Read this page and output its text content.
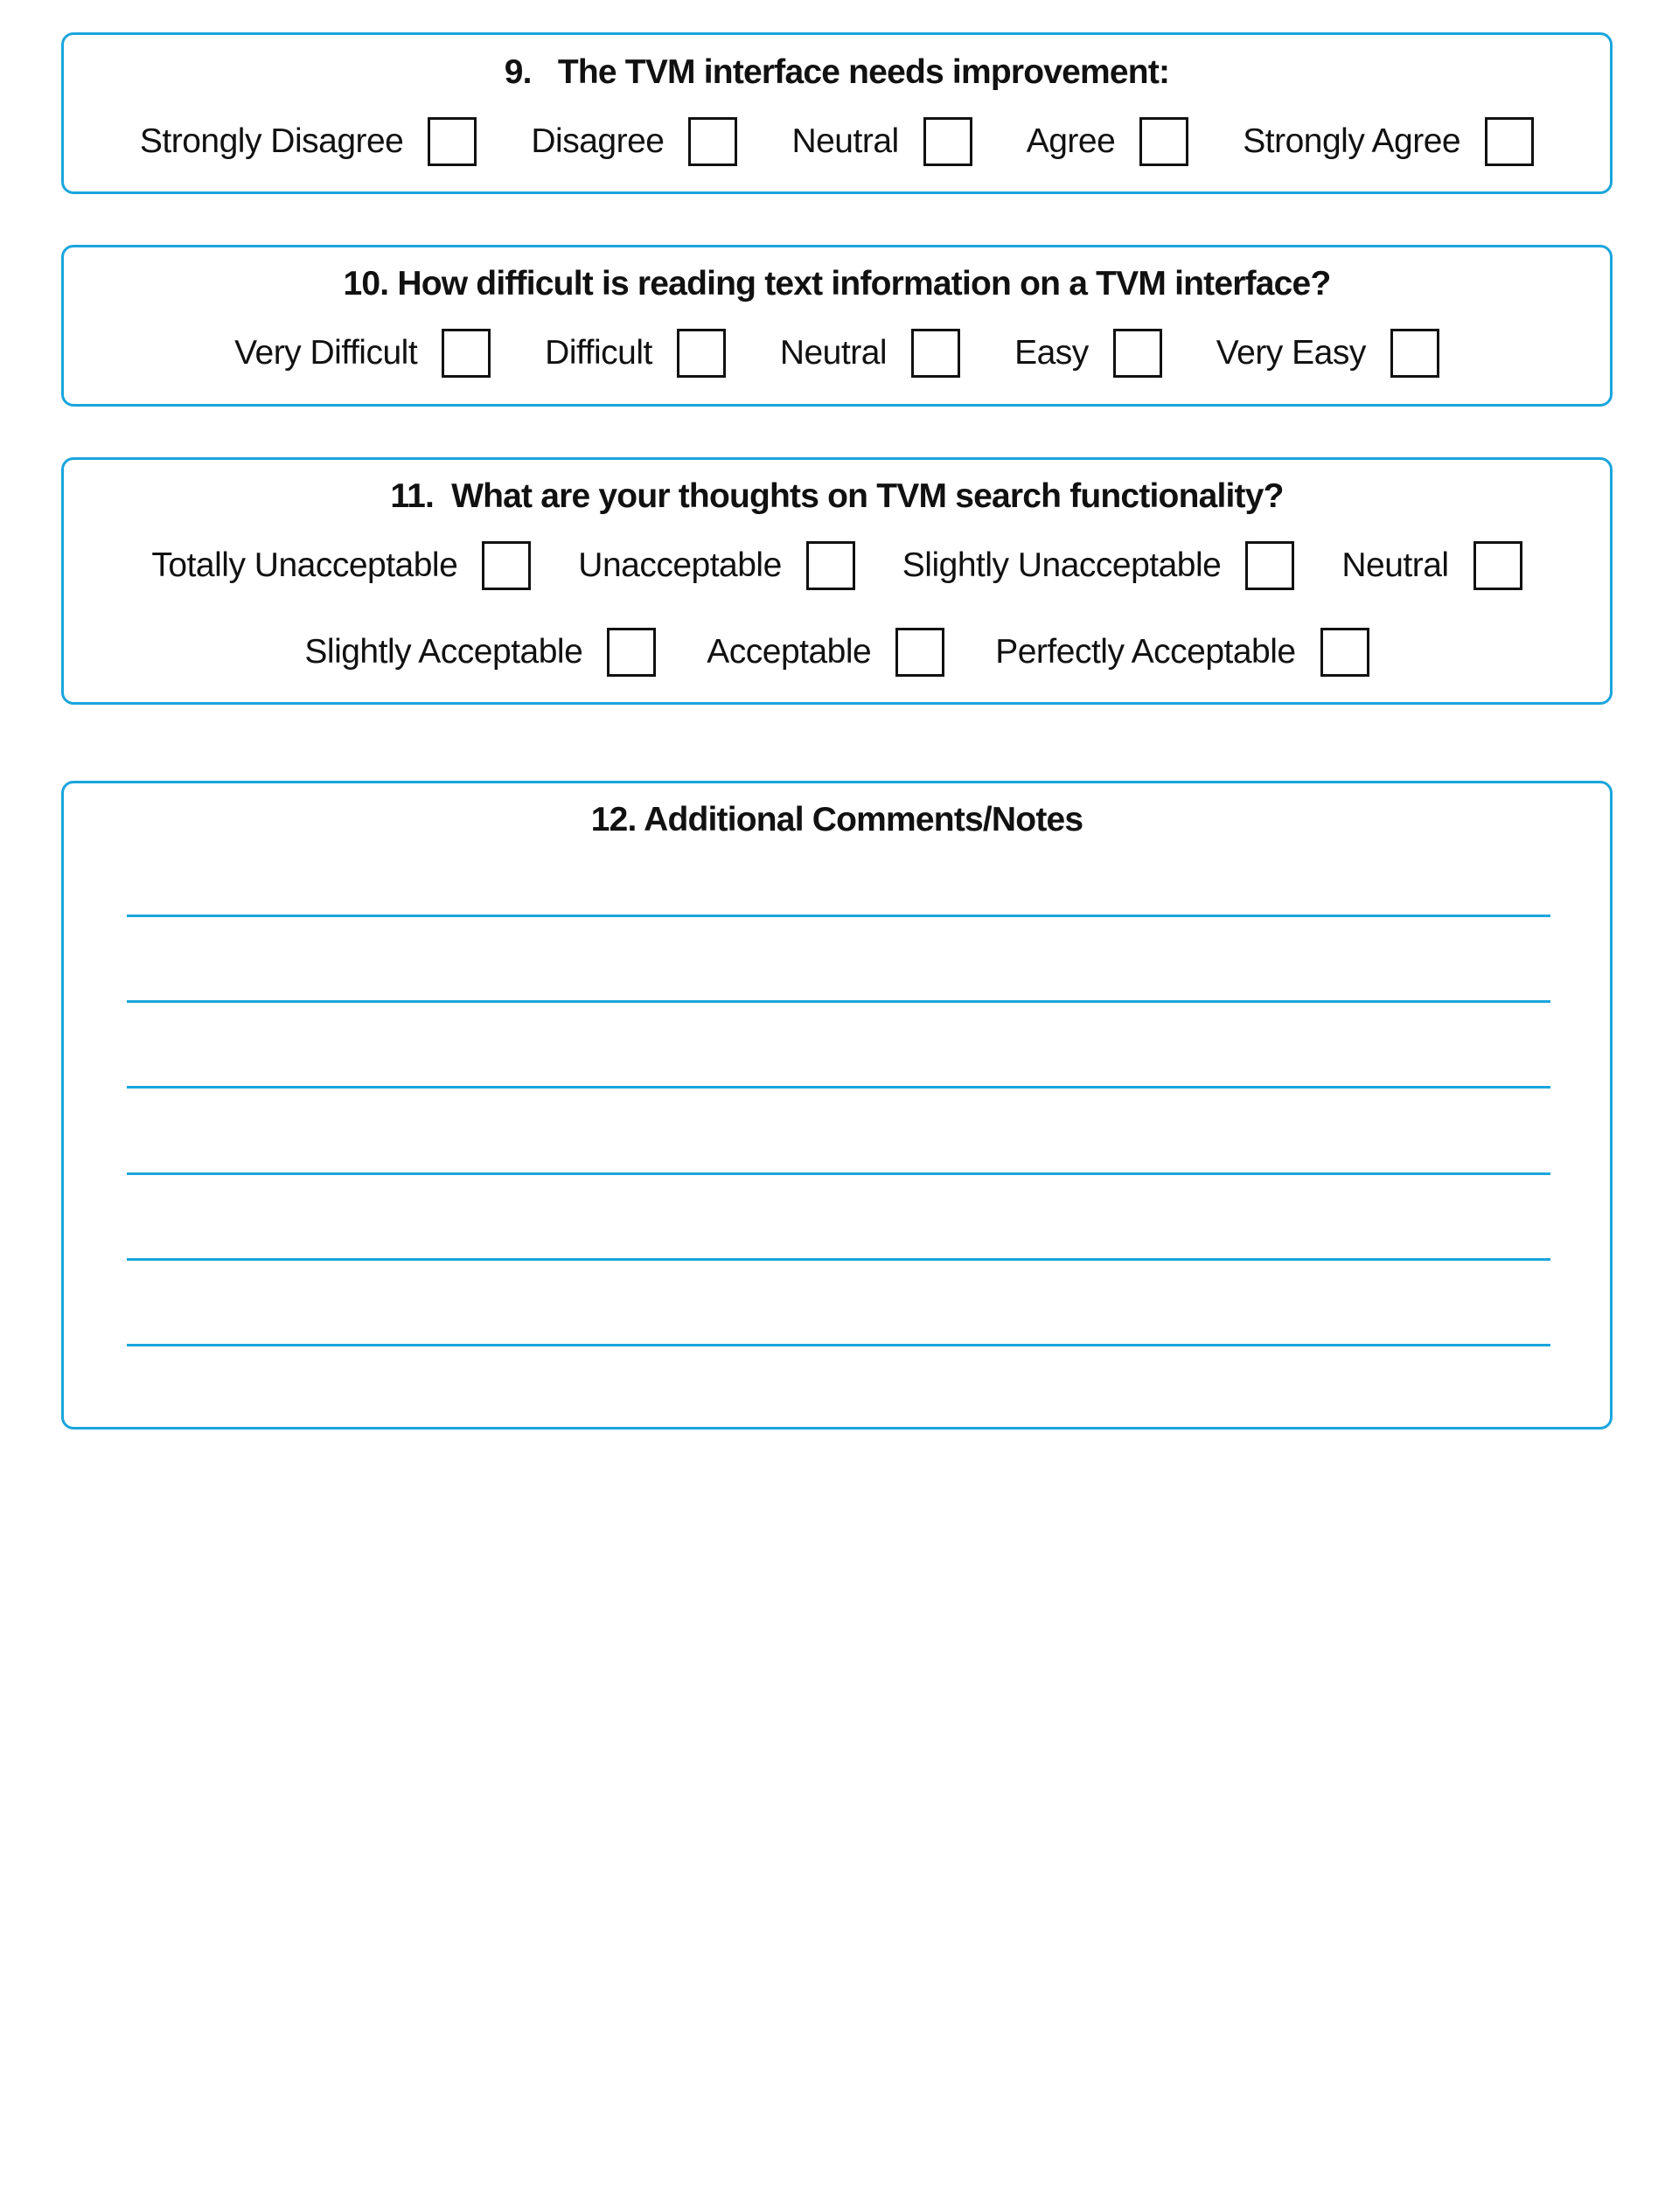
9.   The TVM interface needs improvement:
Strongly Disagree	Disagree	Neutral	Agree	Strongly Agree
10. How difficult is reading text information on a TVM interface?
Very Difficult	Difficult	Neutral	Easy	Very Easy
11.  What are your thoughts on TVM search functionality?
Totally Unacceptable	Unacceptable	Slightly Unacceptable	Neutral
Slightly Acceptable	Acceptable	Perfectly Acceptable
12. Additional Comments/Notes
